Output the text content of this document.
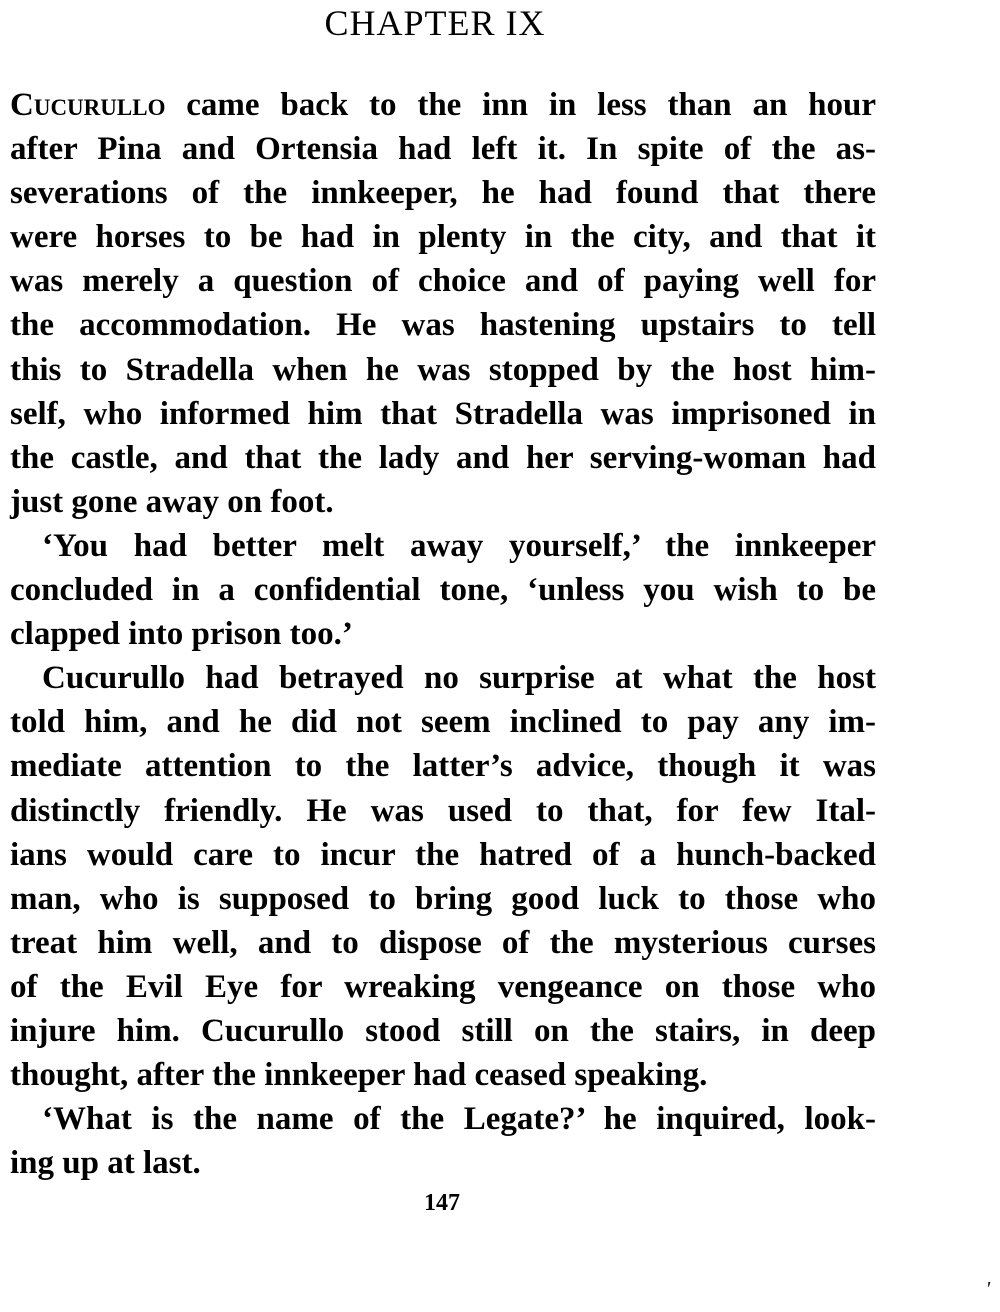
CHAPTER IX
Cucurullo came back to the inn in less than an hour
after Pina and Ortensia had left it. In spite of the as-
severations of the innkeeper, he had found that there
were horses to be had in plenty in the city, and that it
was merely a question of choice and of paying well for
the accommodation. He was hastening upstairs to tell
this to Stradella when he was stopped by the host him-
self, who informed him that Stradella was imprisoned in
the castle, and that the lady and her serving-woman had
just gone away on foot.
‘You had better melt away yourself,’ the innkeeper
concluded in a confidential tone, ‘unless you wish to be
clapped into prison too.’
Cucurullo had betrayed no surprise at what the host
told him, and he did not seem inclined to pay any im-
mediate attention to the latter’s advice, though it was
distinctly friendly. He was used to that, for few Ital-
ians would care to incur the hatred of a hunch-backed
man, who is supposed to bring good luck to those who
treat him well, and to dispose of the mysterious curses
of the Evil Eye for wreaking vengeance on those who
injure him. Cucurullo stood still on the stairs, in deep
thought, after the innkeeper had ceased speaking.
‘What is the name of the Legate?’ he inquired, look-
ing up at last.
147
'
